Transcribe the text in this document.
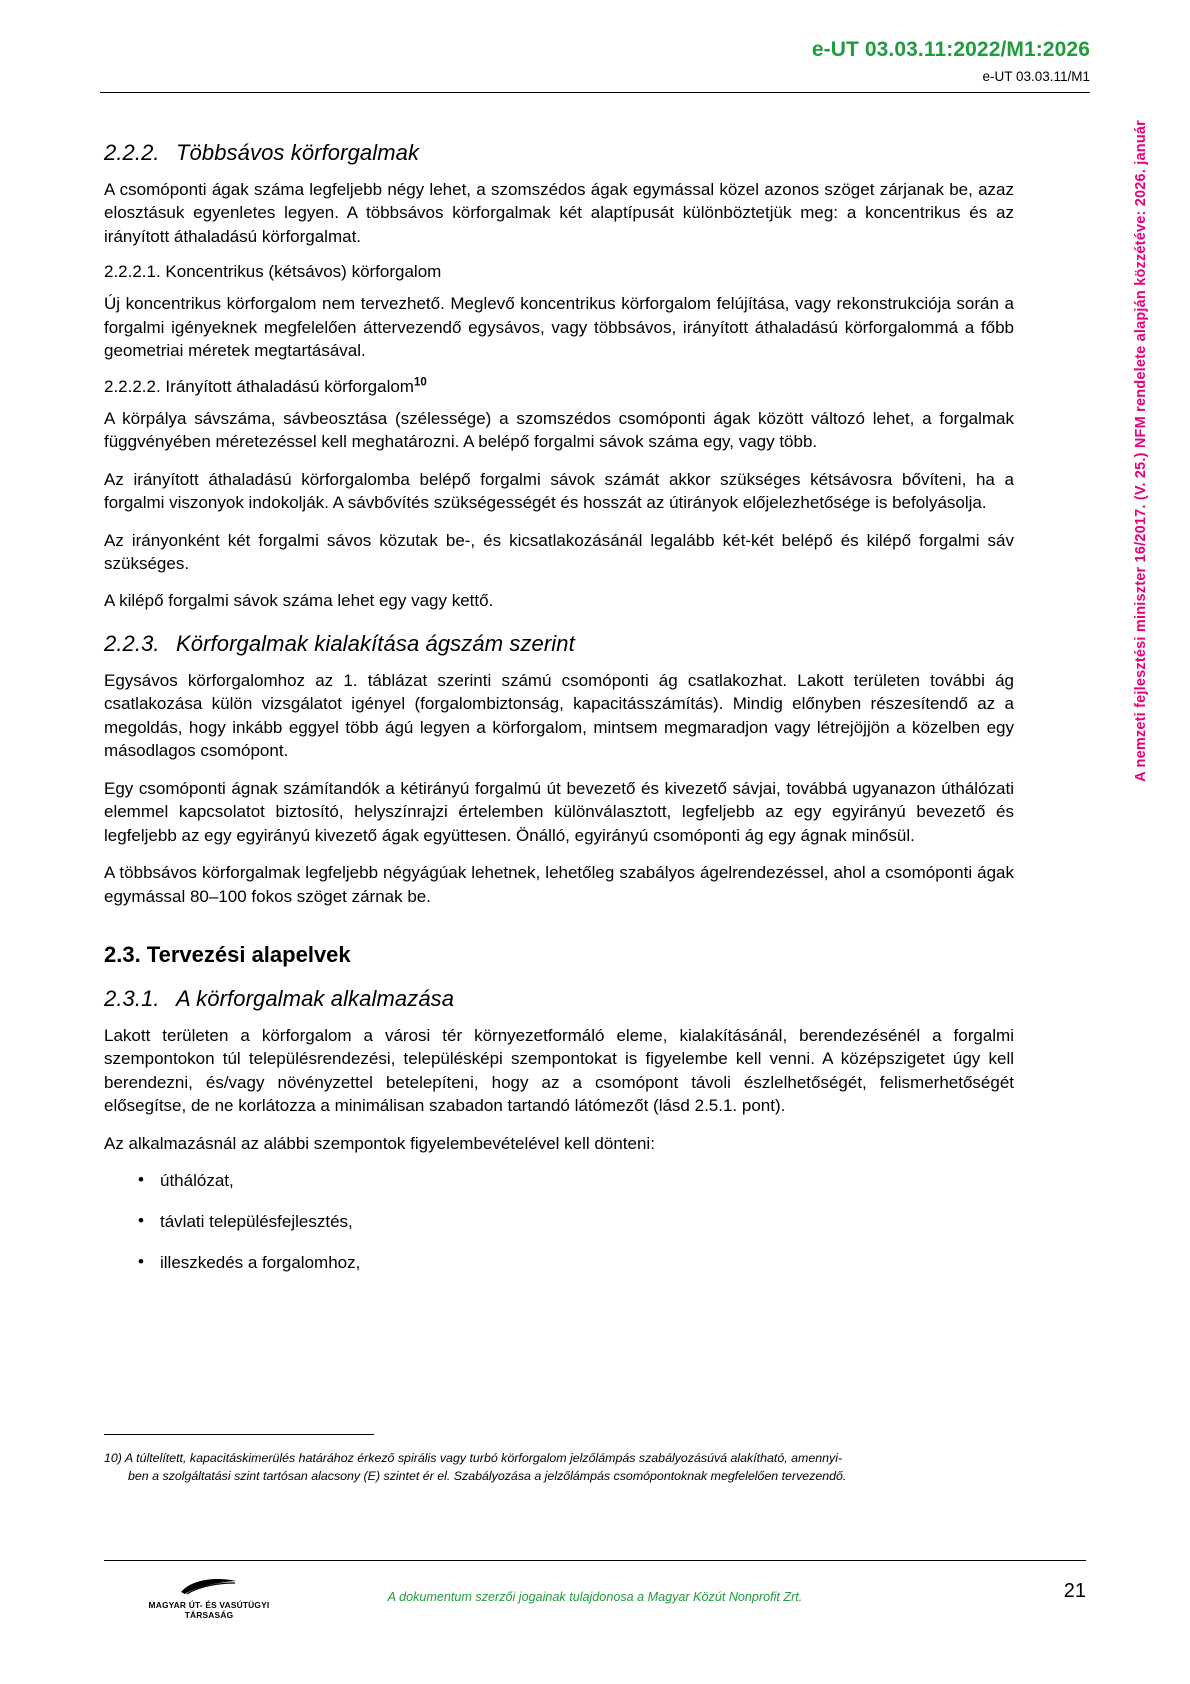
e-UT 03.03.11:2022/M1:2026
e-UT 03.03.11/M1
A nemzeti fejlesztési miniszter 16/2017. (V. 25.) NFM rendelete alapján közzétéve: 2026. január
2.2.2. Többsávos körforgalmak

A csomóponti ágak száma legfeljebb négy lehet, a szomszédos ágak egymással közel azonos szöget zárjanak be, azaz elosztásuk egyenletes legyen. A többsávos körforgalmak két alaptípusát különböztetjük meg: a koncentrikus és az irányított áthaladású körforgalmat.

2.2.2.1. Koncentrikus (kétsávos) körforgalom

Új koncentrikus körforgalom nem tervezhető. Meglevő koncentrikus körforgalom felújítása, vagy rekonstrukciója során a forgalmi igényeknek megfelelően áttervezendő egysávos, vagy többsávos, irányított áthaladású körforgalommá a főbb geometriai méretek megtartásával.

2.2.2.2. Irányított áthaladású körforgalom$^{10}$

A körpálya sávszáma, sávbeosztása (szélessége) a szomszédos csomóponti ágak között változó lehet, a forgalmak függvényében méretezéssel kell meghatározni. A belépő forgalmi sávok száma egy, vagy több.

Az irányított áthaladású körforgalomba belépő forgalmi sávok számát akkor szükséges kétsávosra bővíteni, ha a forgalmi viszonyok indokolják. A sávbővítés szükségességét és hosszát az útirányok előjelezhetősége is befolyásolja.

Az irányonként két forgalmi sávos közutak be-, és kicsatlakozásánál legalább két-két belépő és kilépő forgalmi sáv szükséges.

A kilépő forgalmi sávok száma lehet egy vagy kettő.

2.2.3. Körforgalmak kialakítása ágszám szerint

Egysávos körforgalomhoz az 1. táblázat szerinti számú csomóponti ág csatlakozhat. Lakott területen további ág csatlakozása külön vizsgálatot igényel (forgalombiztonság, kapacitásszámítás). Mindig előnyben részesítendő az a megoldás, hogy inkább eggyel több ágú legyen a körforgalom, mintsem megmaradjon vagy létrejöjjön a közelben egy másodlagos csomópont.

Egy csomóponti ágnak számítandók a kétirányú forgalmú út bevezető és kivezető sávjai, továbbá ugyanazon úthálózati elemmel kapcsolatot biztosító, helyszínrajzi értelemben különválasztott, legfeljebb az egy egyirányú bevezető és legfeljebb az egy egyirányú kivezető ágak együttesen. Önálló, egyirányú csomóponti ág egy ágnak minősül.

A többsávos körforgalmak legfeljebb négyágúak lehetnek, lehetőleg szabályos ágelrendezéssel, ahol a csomóponti ágak egymással 80–100 fokos szöget zárnak be.

2.3. Tervezési alapelvek
2.3.1. A körforgalmak alkalmazása

Lakott területen a körforgalom a városi tér környezetformáló eleme, kialakításánál, berendezésénél a forgalmi szempontokon túl településrendezési, településképi szempontokat is figyelembe kell venni. A középszigetet úgy kell berendezni, és/vagy növényzettel betelepíteni, hogy az a csomópont távoli észlelhetőségét, felismerhetőségét elősegítse, de ne korlátozza a minimálisan szabadon tartandó látómezőt (lásd 2.5.1. pont).

Az alkalmazásnál az alábbi szempontok figyelembevételével kell dönteni:

• úthálózat,
• távlati településfejlesztés,
• illeszkedés a forgalomhoz,
10) A túltelített, kapacitáskimerülés határához érkező spirális vagy turbó körforgalom jelzőlámpás szabályozásúvá alakítható, amennyi-
ben a szolgáltatási szint tartósan alacsony (E) szintet ér el. Szabályozása a jelzőlámpás csomópontoknak megfelelően tervezendő.
MAGYAR ÚT- ÉS VASÚTÜGYI TÁRSASÁG
A dokumentum szerzői jogainak tulajdonosa a Magyar Közút Nonprofit Zrt.	21
